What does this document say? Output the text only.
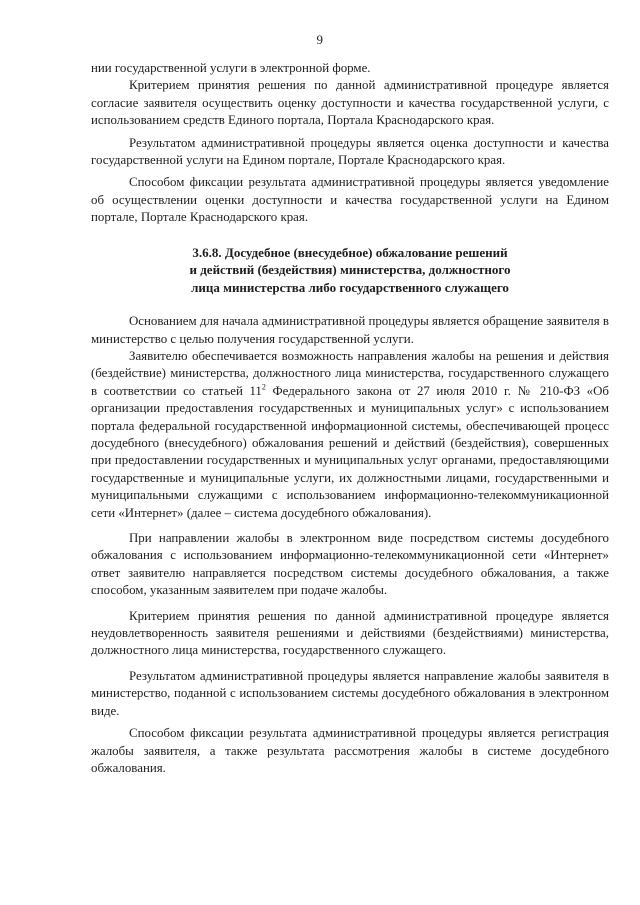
9

нии государственной услуги в электронной форме.

Критерием принятия решения по данной административной процедуре является согласие заявителя осуществить оценку доступности и качества государственной услуги, с использованием средств Единого портала, Портала Краснодарского края.

Результатом административной процедуры является оценка доступности и качества государственной услуги на Едином портале, Портале Краснодарского края.

Способом фиксации результата административной процедуры является уведомление об осуществлении оценки доступности и качества государственной услуги на Едином портале, Портале Краснодарского края.

3.6.8. Досудебное (внесудебное) обжалование решений
и действий (бездействия) министерства, должностного
лица министерства либо государственного служащего

Основанием для начала административной процедуры является обращение заявителя в министерство с целью получения государственной услуги.

Заявителю обеспечивается возможность направления жалобы на решения и действия (бездействие) министерства, должностного лица министерства, государственного служащего в соответствии со статьей $11^2$ Федерального закона от 27 июля 2010 г. № 210-ФЗ «Об организации предоставления государственных и муниципальных услуг» с использованием портала федеральной государственной информационной системы, обеспечивающей процесс досудебного (внесудебного) обжалования решений и действий (бездействия), совершенных при предоставлении государственных и муниципальных услуг органами, предоставляющими государственные и муниципальные услуги, их должностными лицами, государственными и муниципальными служащими с использованием информационно-телекоммуникационной сети «Интернет» (далее – система досудебного обжалования).

При направлении жалобы в электронном виде посредством системы досудебного обжалования с использованием информационно-телекоммуникационной сети «Интернет» ответ заявителю направляется посредством системы досудебного обжалования, а также способом, указанным заявителем при подаче жалобы.

Критерием принятия решения по данной административной процедуре является неудовлетворенность заявителя решениями и действиями (бездействиями) министерства, должностного лица министерства, государственного служащего.

Результатом административной процедуры является направление жалобы заявителя в министерство, поданной с использованием системы досудебного обжалования в электронном виде.

Способом фиксации результата административной процедуры является регистрация жалобы заявителя, а также результата рассмотрения жалобы в системе досудебного обжалования.
